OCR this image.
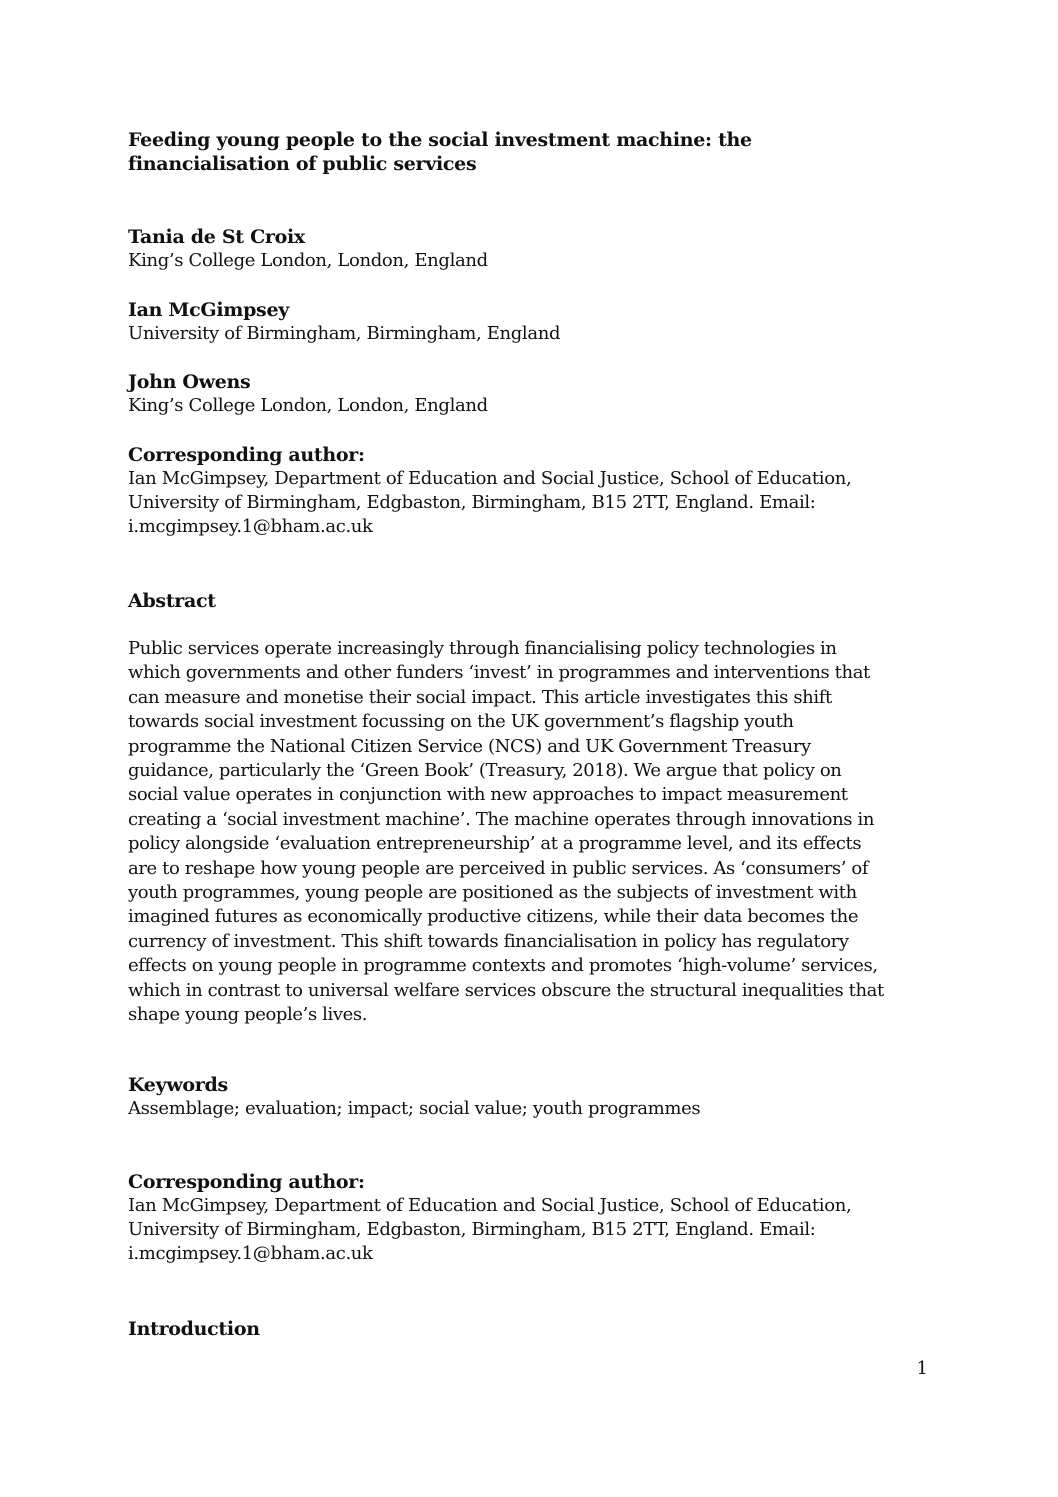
Feeding young people to the social investment machine: the
financialisation of public services
Tania de St Croix
King’s College London, London, England
Ian McGimpsey
University of Birmingham, Birmingham, England
John Owens
King’s College London, London, England
Corresponding author:
Ian McGimpsey, Department of Education and Social Justice, School of Education,
University of Birmingham, Edgbaston, Birmingham, B15 2TT, England. Email:
i.mcgimpsey.1@bham.ac.uk
Abstract
Public services operate increasingly through financialising policy technologies in
which governments and other funders ‘invest’ in programmes and interventions that
can measure and monetise their social impact. This article investigates this shift
towards social investment focussing on the UK government’s flagship youth
programme the National Citizen Service (NCS) and UK Government Treasury
guidance, particularly the ‘Green Book’ (Treasury, 2018). We argue that policy on
social value operates in conjunction with new approaches to impact measurement
creating a ‘social investment machine’. The machine operates through innovations in
policy alongside ‘evaluation entrepreneurship’ at a programme level, and its effects
are to reshape how young people are perceived in public services. As ‘consumers’ of
youth programmes, young people are positioned as the subjects of investment with
imagined futures as economically productive citizens, while their data becomes the
currency of investment. This shift towards financialisation in policy has regulatory
effects on young people in programme contexts and promotes ‘high-volume’ services,
which in contrast to universal welfare services obscure the structural inequalities that
shape young people’s lives.
Keywords
Assemblage; evaluation; impact; social value; youth programmes
Corresponding author:
Ian McGimpsey, Department of Education and Social Justice, School of Education,
University of Birmingham, Edgbaston, Birmingham, B15 2TT, England. Email:
i.mcgimpsey.1@bham.ac.uk
Introduction
1
